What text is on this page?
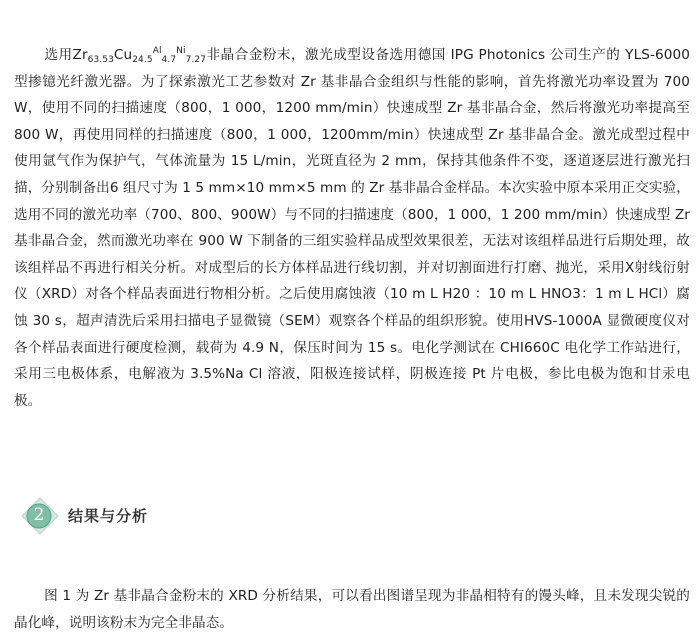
选用$Zr_{63.53}Cu_{24.5}^{Al}_{4.7}^{Ni}_{7.27}$非晶合金粉末，激光成型设备选用德国 IPG Photonics 公司生产的 YLS-6000 型掺镱光纤激光器。为了探索激光工艺参数对 Zr 基非晶合金组织与性能的影响，首先将激光功率设置为 700 W，使用不同的扫描速度（800，1 000，1200 mm/min）快速成型 Zr 基非晶合金，然后将激光功率提高至 800 W，再使用同样的扫描速度（800，1 000，1200mm/min）快速成型 Zr 基非晶合金。激光成型过程中使用氩气作为保护气，气体流量为 15 L/min，光斑直径为 2 mm，保持其他条件不变，逐道逐层进行激光扫描，分别制备出6 组尺寸为 1 5 mm×10 mm×5 mm 的 Zr 基非晶合金样品。本次实验中原本采用正交实验，选用不同的激光功率（700、800、900W）与不同的扫描速度（800，1 000，1 200 mm/min）快速成型 Zr 基非晶合金，然而激光功率在 900 W 下制备的三组实验样品成型效果很差，无法对该组样品进行后期处理，故该组样品不再进行相关分析。对成型后的长方体样品进行线切割，并对切割面进行打磨、抛光，采用X射线衍射仪（XRD）对各个样品表面进行物相分析。之后使用腐蚀液（10 m L H20 ：10 m L HNO3：1 m L HCl）腐蚀 30 s，超声清洗后采用扫描电子显微镜（SEM）观察各个样品的组织形貌。使用HVS-1000A 显微硬度仪对各个样品表面进行硬度检测，载荷为 4.9 N，保压时间为 15 s。电化学测试在 CHI660C 电化学工作站进行，采用三电极体系，电解液为 3.5%Na Cl 溶液，阳极连接试样，阴极连接 Pt 片电极，参比电极为饱和甘汞电极。

2 结果与分析

图 1 为 Zr 基非晶合金粉末的 XRD 分析结果，可以看出图谱呈现为非晶相特有的馒头峰，且未发现尖锐的晶化峰，说明该粉末为完全非晶态。
